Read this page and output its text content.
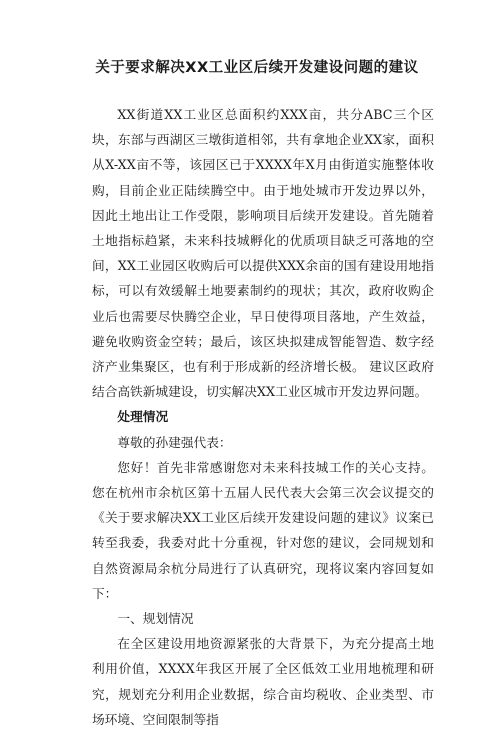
关于要求解决XX工业区后续开发建设问题的建议

XX街道XX工业区总面积约XXX亩，共分ABC三个区块，东部与西湖区三墩街道相邻，共有拿地企业XX家，面积从X-XX亩不等，该园区已于XXXX年X月由街道实施整体收购，目前企业正陆续腾空中。由于地处城市开发边界以外，因此土地出让工作受限，影响项目后续开发建设。首先随着土地指标趋紧，未来科技城孵化的优质项目缺乏可落地的空间，XX工业园区收购后可以提供XXX余亩的国有建设用地指标，可以有效缓解土地要素制约的现状；其次，政府收购企业后也需要尽快腾空企业，早日使得项目落地，产生效益，避免收购资金空转；最后，该区块拟建成智能智造、数字经济产业集聚区，也有利于形成新的经济增长极。 建议区政府结合高铁新城建设，切实解决XX工业区城市开发边界问题。

处理情况

尊敬的孙建强代表：

您好！首先非常感谢您对未来科技城工作的关心支持。您在杭州市余杭区第十五届人民代表大会第三次会议提交的《关于要求解决XX工业区后续开发建设问题的建议》议案已转至我委，我委对此十分重视，针对您的建议，会同规划和自然资源局余杭分局进行了认真研究，现将议案内容回复如下：

一、规划情况

在全区建设用地资源紧张的大背景下，为充分提高土地利用价值，XXXX年我区开展了全区低效工业用地梳理和研究，规划充分利用企业数据，综合亩均税收、企业类型、市场环境、空间限制等指
